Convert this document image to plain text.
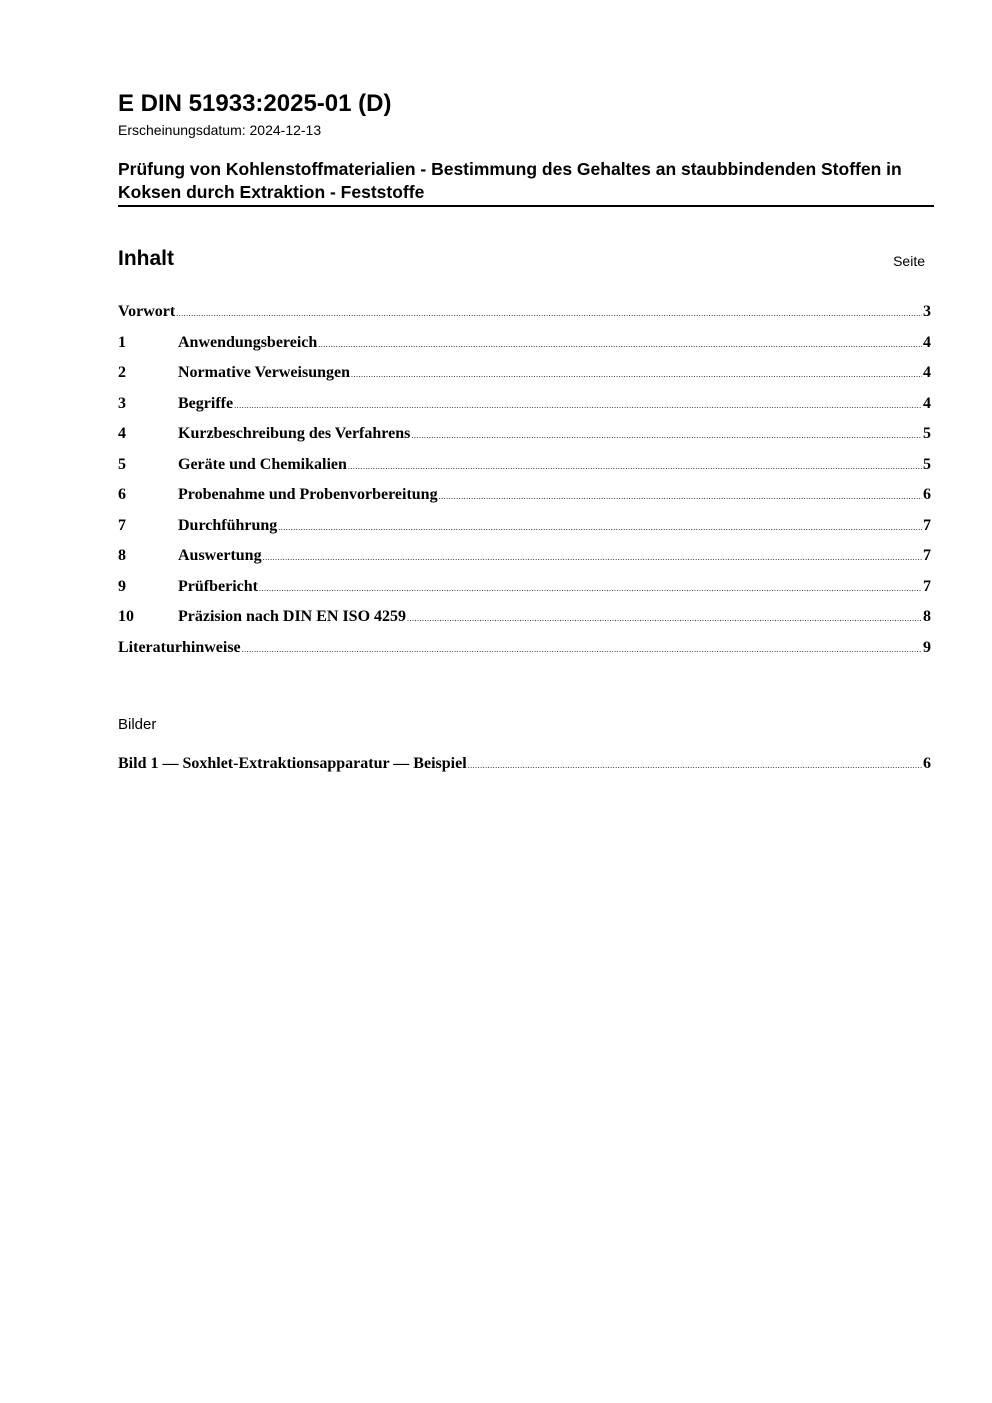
E DIN 51933:2025-01 (D)
Erscheinungsdatum: 2024-12-13
Prüfung von Kohlenstoffmaterialien - Bestimmung des Gehaltes an staubbindenden Stoffen in Koksen durch Extraktion - Feststoffe
Inhalt	Seite
Vorwort .....	3
1	Anwendungsbereich .....	4
2	Normative Verweisungen .....	4
3	Begriffe .....	4
4	Kurzbeschreibung des Verfahrens .....	5
5	Geräte und Chemikalien .....	5
6	Probenahme und Probenvorbereitung .....	6
7	Durchführung .....	7
8	Auswertung .....	7
9	Prüfbericht .....	7
10	Präzision nach DIN EN ISO 4259 .....	8
Literaturhinweise .....	9
Bilder
Bild 1 — Soxhlet-Extraktionsapparatur — Beispiel .....	6
